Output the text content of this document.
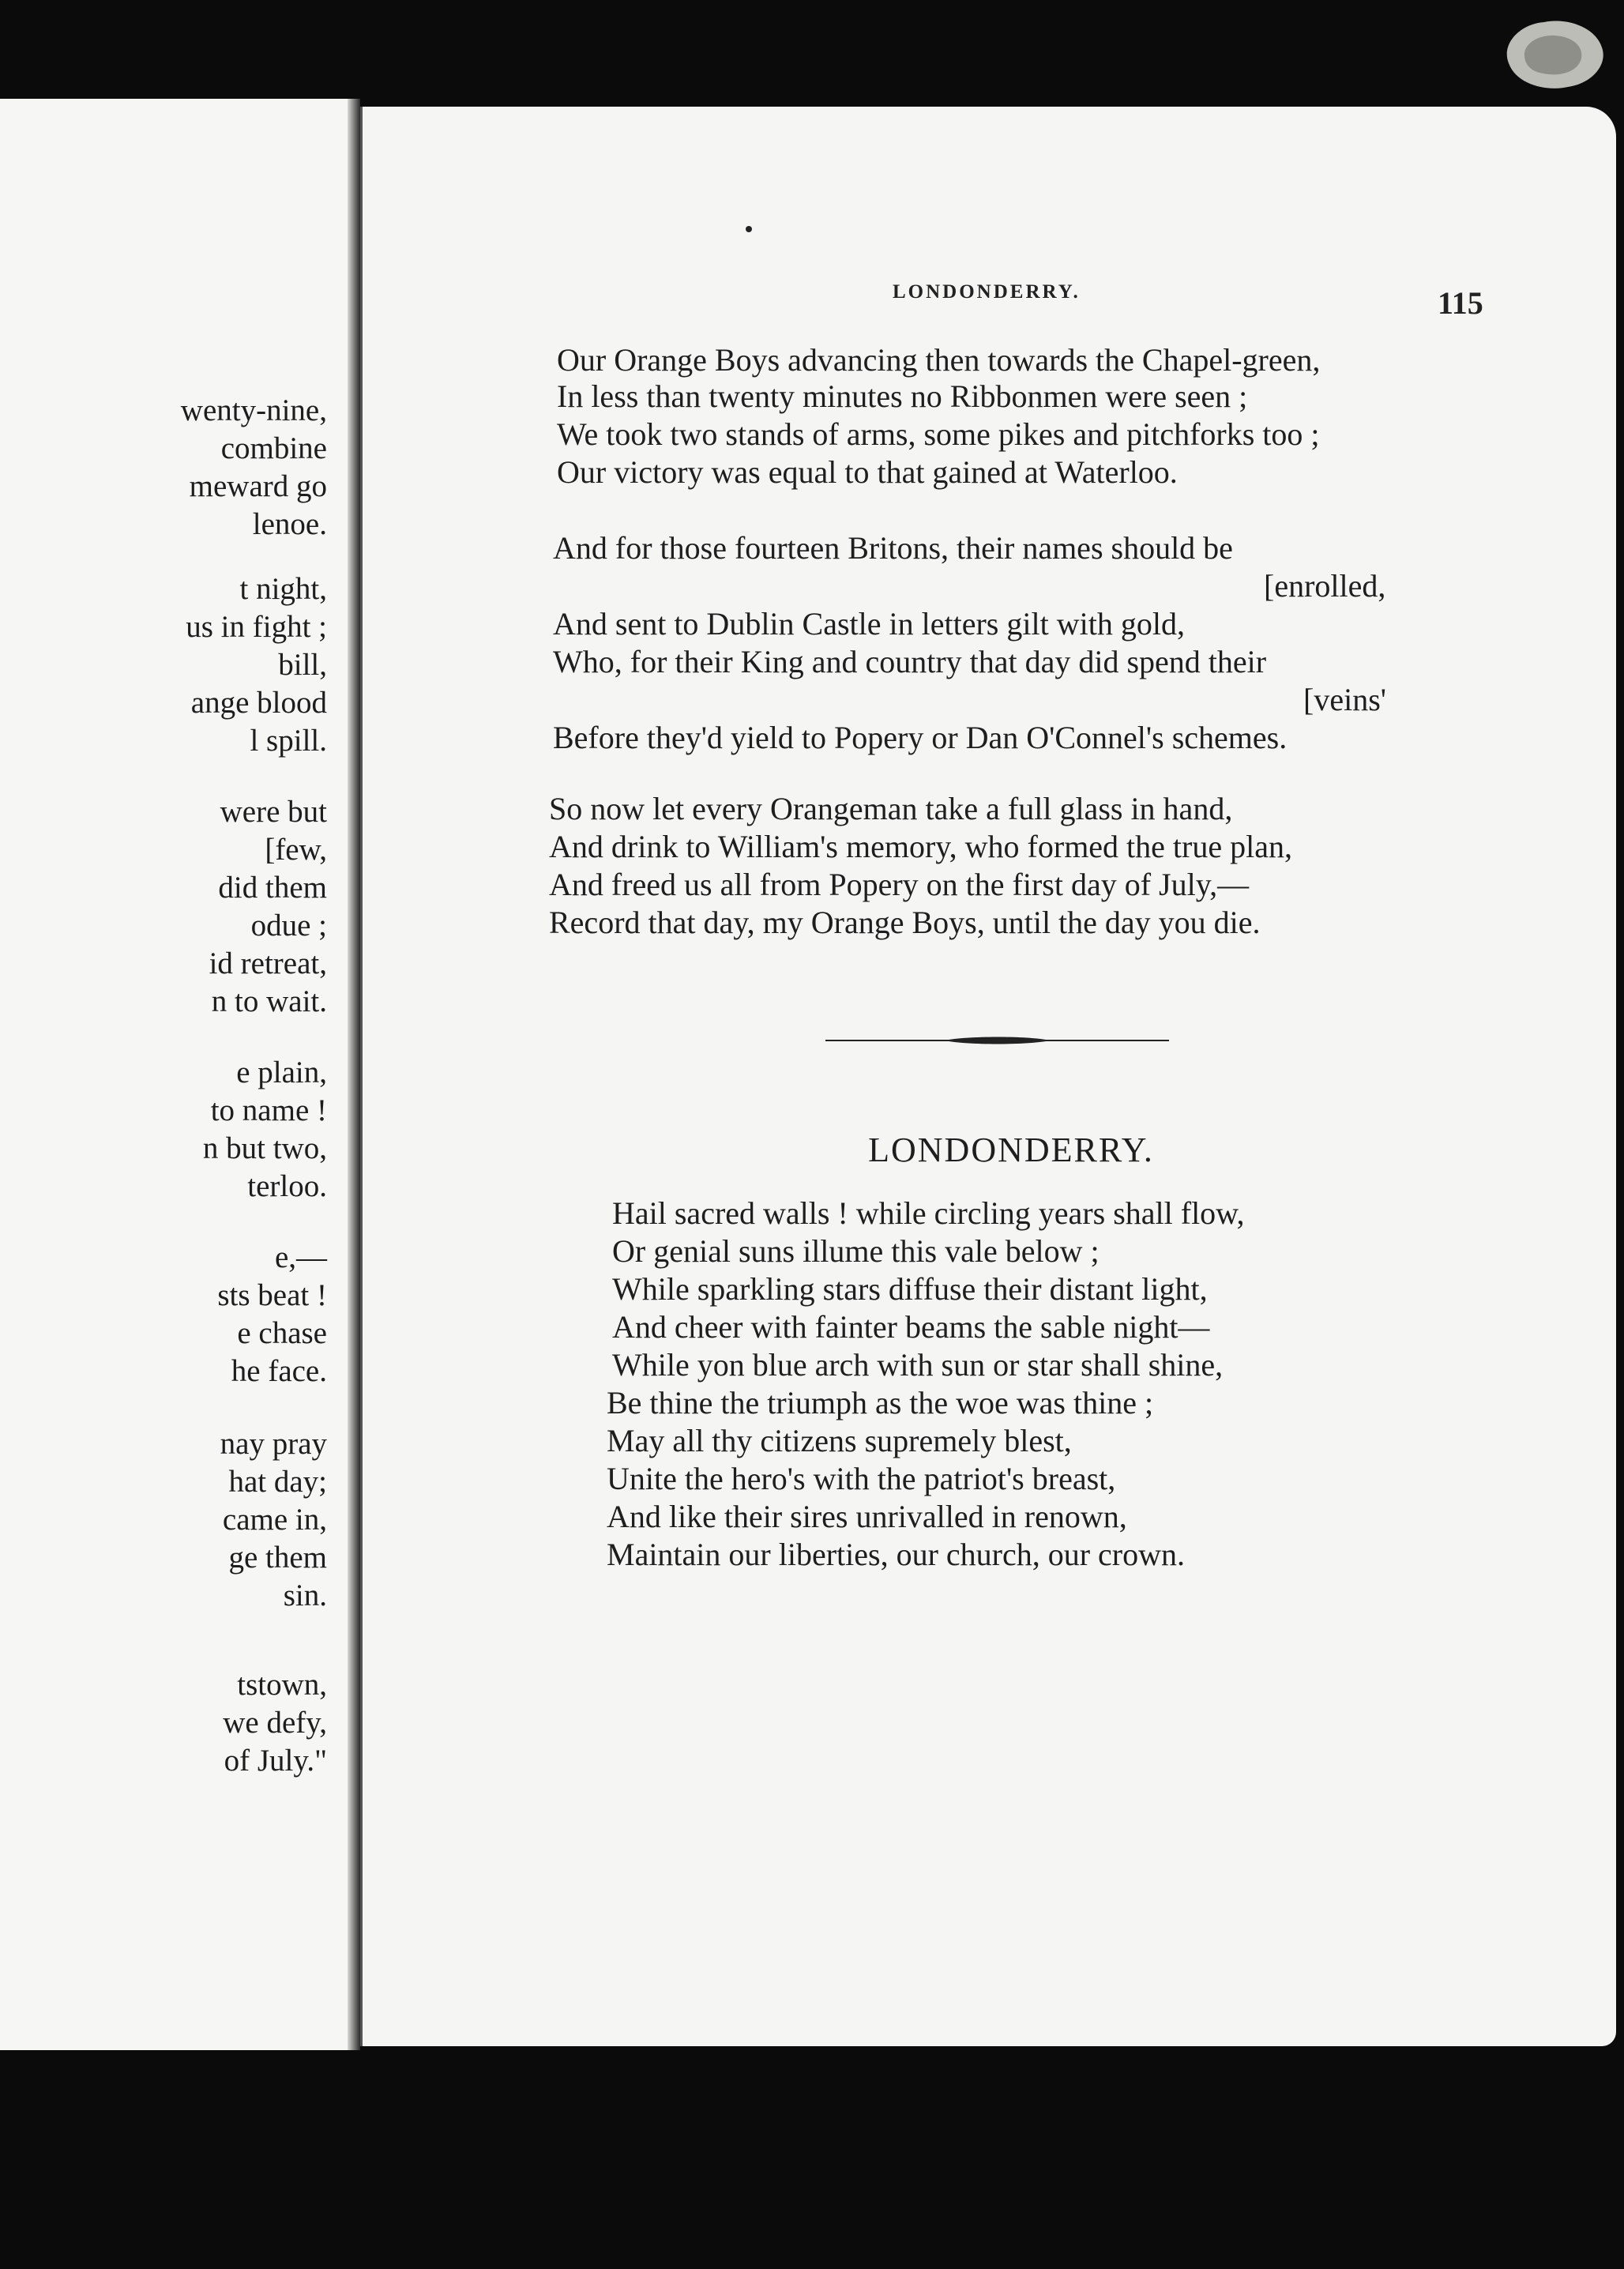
wenty-nine,
combine
meward go
lenoe.
t night,
us in fight ;
bill,
ange blood
l spill.
were but
[few,
did them
odue ;
id retreat,
n to wait.
e plain,
to name !
n but two,
terloo.
e,—
sts beat !
e chase
he face.
nay pray
hat day;
came in,
ge them
sin.
tstown,
we defy,
of July."
LONDONDERRY.	115
Our Orange Boys advancing then towards the Chapel-green,
In less than twenty minutes no Ribbonmen were seen ;
We took two stands of arms, some pikes and pitchforks too ;
Our victory was equal to that gained at Waterloo.
And for those fourteen Britons, their names should be
[enrolled,
And sent to Dublin Castle in letters gilt with gold,
Who, for their King and country that day did spend their
[veins'
Before they'd yield to Popery or Dan O'Connel's schemes.
So now let every Orangeman take a full glass in hand,
And drink to William's memory, who formed the true plan,
And freed us all from Popery on the first day of July,—
Record that day, my Orange Boys, until the day you die.
LONDONDERRY.
Hail sacred walls ! while circling years shall flow,
Or genial suns illume this vale below ;
While sparkling stars diffuse their distant light,
And cheer with fainter beams the sable night—
While yon blue arch with sun or star shall shine,
Be thine the triumph as the woe was thine ;
May all thy citizens supremely blest,
Unite the hero's with the patriot's breast,
And like their sires unrivalled in renown,
Maintain our liberties, our church, our crown.
